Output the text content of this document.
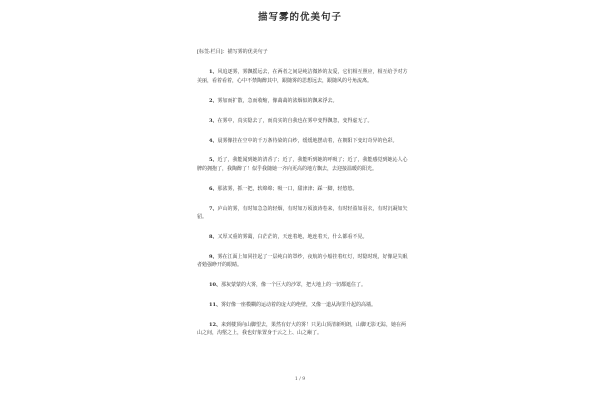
描写雾的优美句子
[标签:栏目]：描写雾的优美句子
1、风追逐雾，雾飘摇远去，在两者之间是纯洁微妙的友爱，它们相互照应，相互给予对方美丽，看着看着，心中不禁陶醉其中，跟随雾的思想远去，跟随风的号角流离。
2、雾加而扩散，急而收缩，像蔼蔼的浓烟似的飘来浮去。
3、在雾中，真实隐去了，而真实的自我也在雾中变得飘忽，变得虚无了。
4、晨雾像挂在空中的千万条待染的白纱，缓缓地摆动着，在朝阳下变幻奇异的色彩。
5、近了，我能闻到她的清香了；近了，我能听到她的呼吸了；近了，我能感觉到她沁人心脾的拥抱了，我陶醉了！似乎我随她一齐向更高的地方飘去，去迎接温暖的阳光。
6、那浓雾，抓一把，软绵绵；吸一口，甜津津；踩一脚，轻悠悠。
7、庐山的雾，有时如急急的轻烟，有时如万顷波涛卷来，有时轻盈如羽衣，有时沉凝如矢貂。
8、又厚又重的雾霭，白茫茫的，天连着地，地连着天，什么都看不见。
9、雾在江面上如同挂起了一层纯白的罩纱，夜航的小船挂着红灯，时隐时现，好像是失眠者勉强睁开的眼睛。
10、那灰蒙蒙的大雾，像一个巨大的沙罩，把大地上的一切都遮住了。
11、雾好像一座模糊的运动着的庞大的绝壁，又像一道从海里升起的高墙。
12、来到楼顶向山脚望去，果然有好大的雾！只见山顶清新明朗，山脚无影无踪，她在两山之间，沟壑之上，我也好象置身于云之上、山之巅了。
1 / 9
